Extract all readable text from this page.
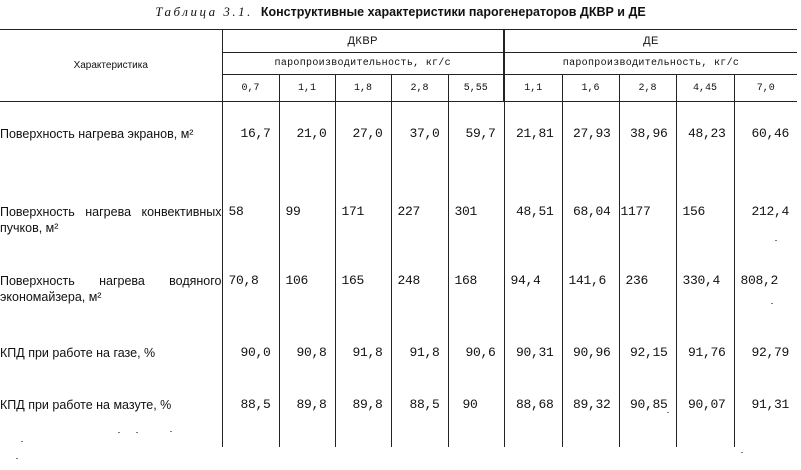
Таблица 3.1. Конструктивные характеристики парогенераторов ДКВР и ДЕ
Характеристика	ДКВР					ДЕ				
	паропроизводительность, кг/с					паропроизводительность, кг/с				
	0,7	1,1	1,8	2,8	5,55	1,1	1,6	2,8	4,45	7,0
Поверхность нагрева экранов, м²	16,7	21,0	27,0	37,0	59,7	21,81	27,93	38,96	48,23	60,46
Поверхность нагрева конвективных пучков, м²	58	99	171	227	301	48,51	68,04	1177	156	212,4
Поверхность нагрева водяного экономайзера, м²	70,8	106	165	248	168	94,4	141,6	236	330,4	808,2
КПД при работе на газе, %	90,0	90,8	91,8	91,8	90,6	90,31	90,96	92,15	91,76	92,79
КПД при работе на мазуте, %	88,5	89,8	89,8	88,5	90	88,68	89,32	90,85	90,07	91,31
